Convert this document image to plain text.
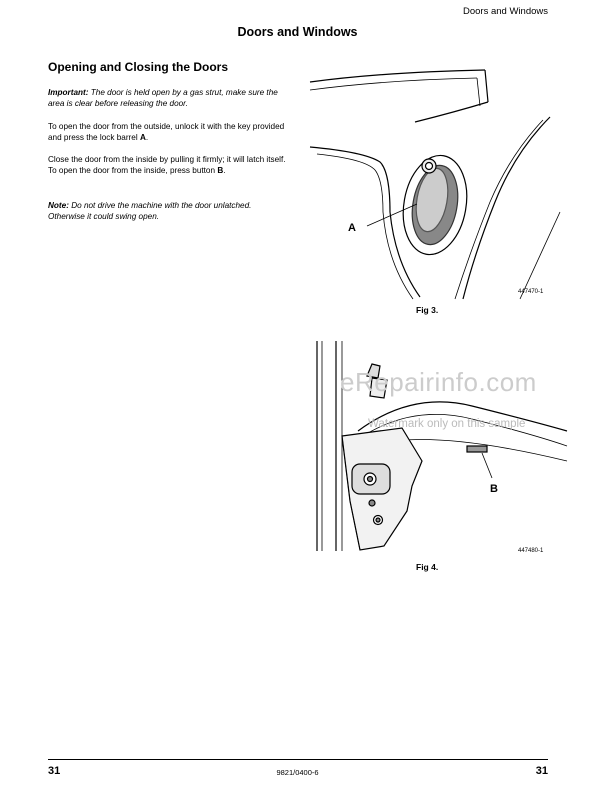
Doors and Windows
Doors and Windows
Opening and Closing the Doors
Important: The door is held open by a gas strut, make sure the area is clear before releasing the door.
To open the door from the outside, unlock it with the key provided and press the lock barrel A.
Close the door from the inside by pulling it firmly; it will latch itself. To open the door from the inside, press button B.
Note: Do not drive the machine with the door unlatched. Otherwise it could swing open.
A
447470-1
Fig 3.
B
447480-1
Fig 4.
eRepairinfo.com
Watermark only on this sample
31	9821/0400-6	31
